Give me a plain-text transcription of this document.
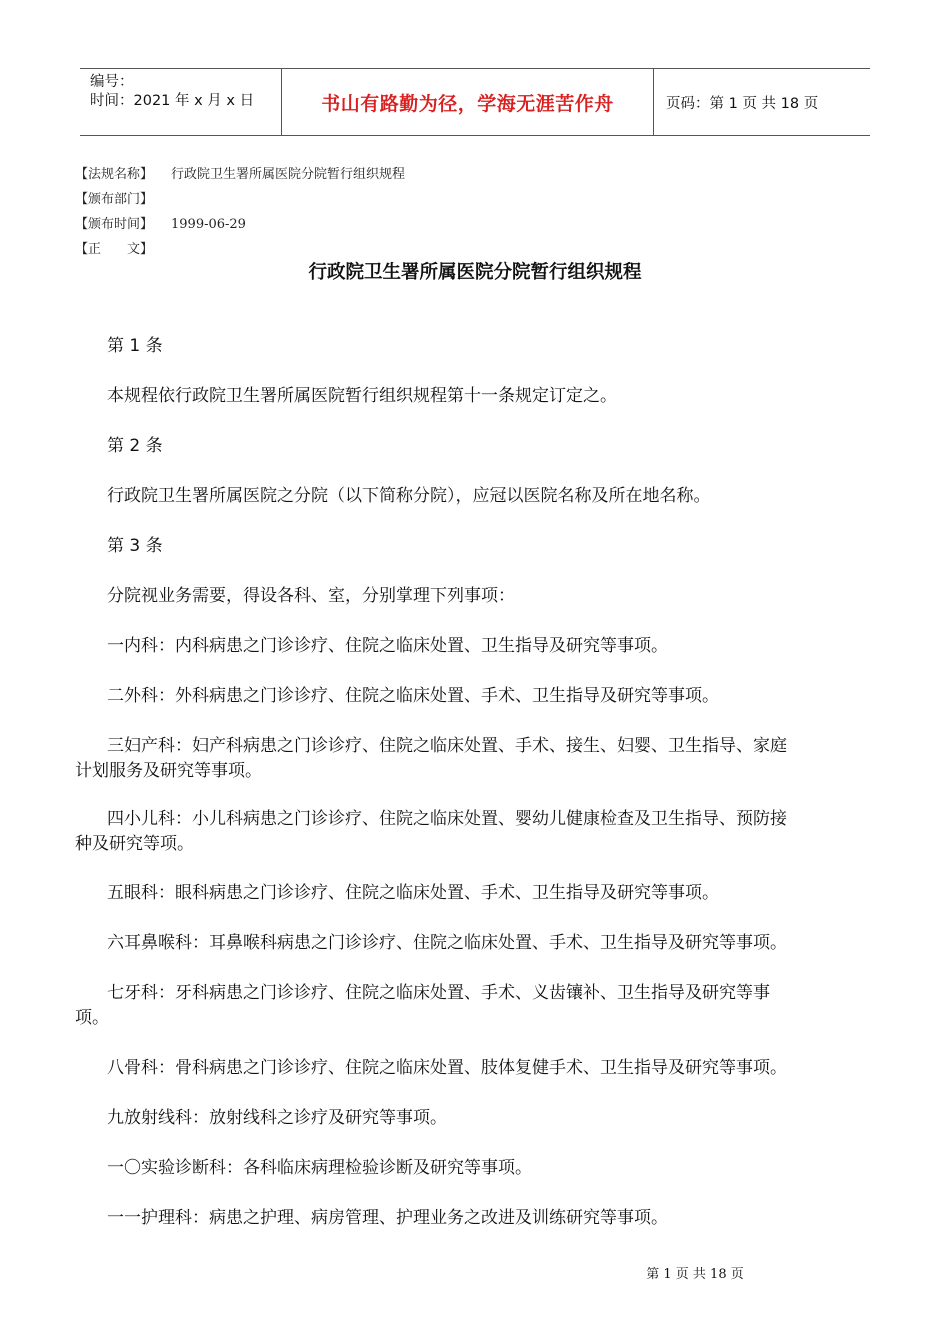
编号：
时间：2021 年 x 月 x 日	书山有路勤为径，学海无涯苦作舟	页码：第 1 页 共 18 页
【法规名称】 行政院卫生署所属医院分院暂行组织规程
【颁布部门】
【颁布时间】 1999-06-29
【正　　文】
行政院卫生署所属医院分院暂行组织规程
第 1 条
本规程依行政院卫生署所属医院暂行组织规程第十一条规定订定之。
第 2 条
行政院卫生署所属医院之分院（以下简称分院），应冠以医院名称及所在地名称。
第 3 条
分院视业务需要，得设各科、室，分别掌理下列事项：
一内科：内科病患之门诊诊疗、住院之临床处置、卫生指导及研究等事项。
二外科：外科病患之门诊诊疗、住院之临床处置、手术、卫生指导及研究等事项。
三妇产科：妇产科病患之门诊诊疗、住院之临床处置、手术、接生、妇婴、卫生指导、家庭
计划服务及研究等事项。
四小儿科：小儿科病患之门诊诊疗、住院之临床处置、婴幼儿健康检查及卫生指导、预防接
种及研究等项。
五眼科：眼科病患之门诊诊疗、住院之临床处置、手术、卫生指导及研究等事项。
六耳鼻喉科：耳鼻喉科病患之门诊诊疗、住院之临床处置、手术、卫生指导及研究等事项。
七牙科：牙科病患之门诊诊疗、住院之临床处置、手术、义齿镶补、卫生指导及研究等事
项。
八骨科：骨科病患之门诊诊疗、住院之临床处置、肢体复健手术、卫生指导及研究等事项。
九放射线科：放射线科之诊疗及研究等事项。
一〇实验诊断科：各科临床病理检验诊断及研究等事项。
一一护理科：病患之护理、病房管理、护理业务之改进及训练研究等事项。
第 1 页 共 18 页
